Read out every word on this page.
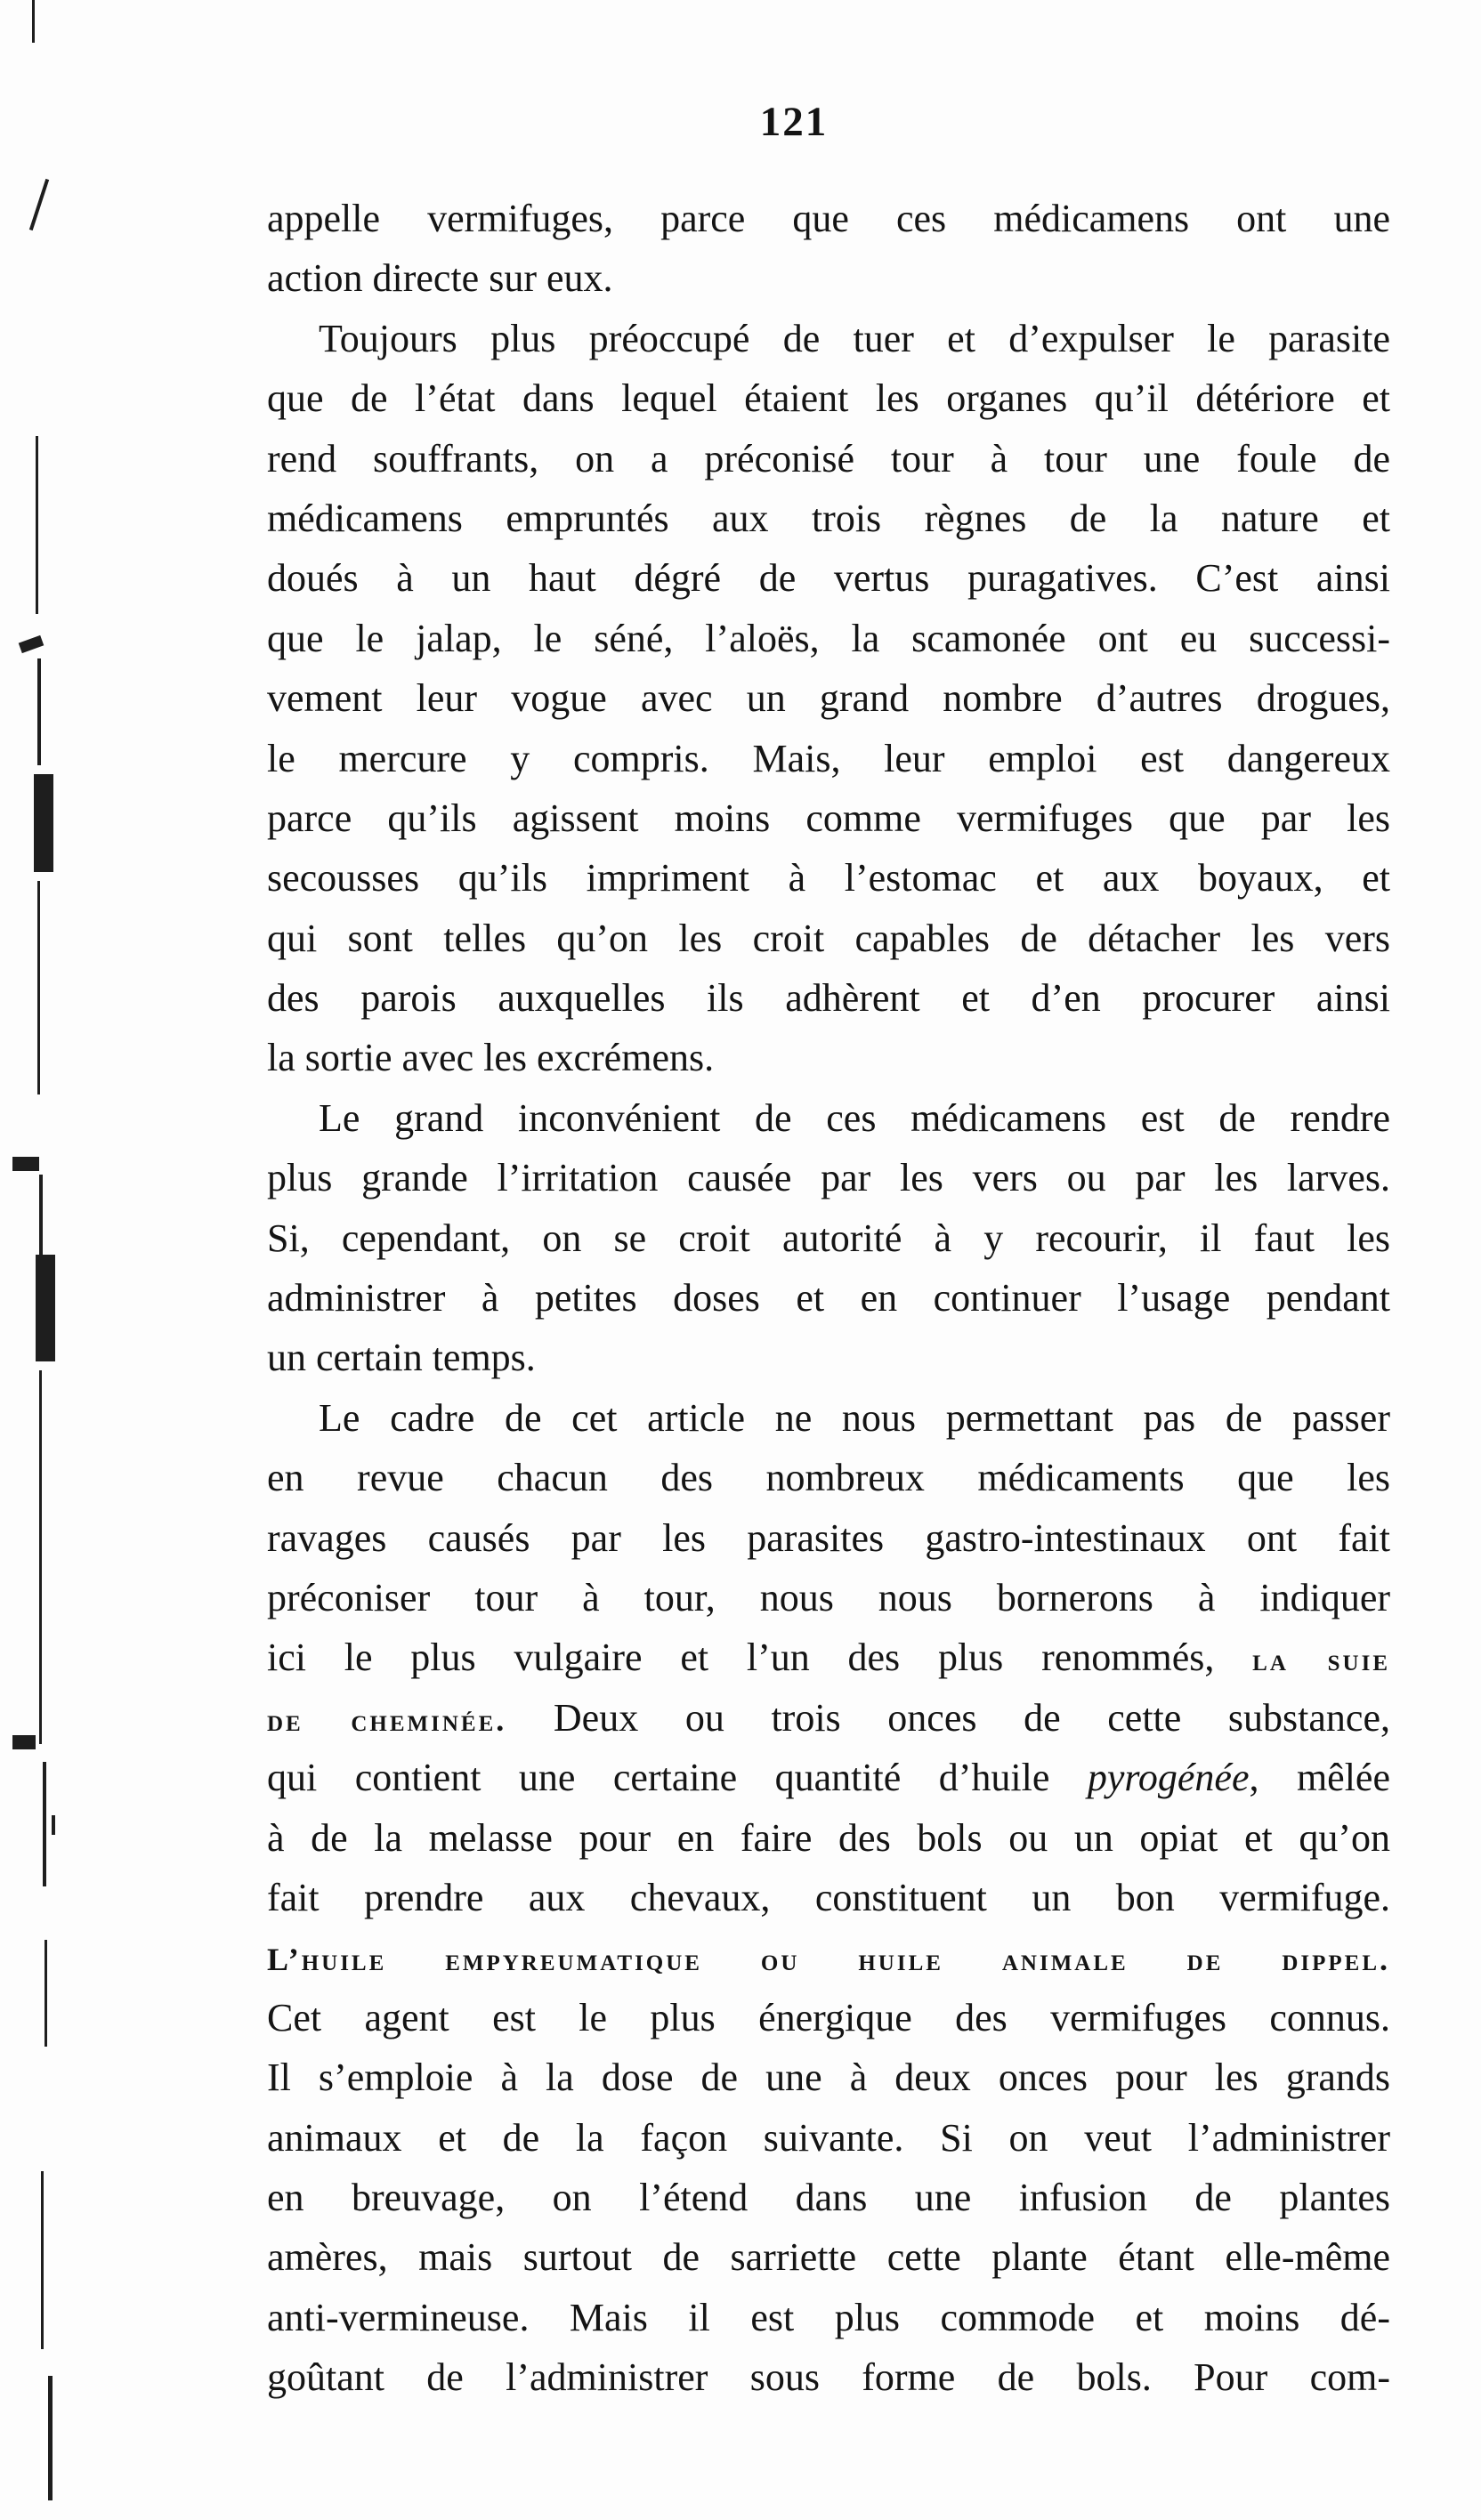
121
appelle vermifuges, parce que ces médicamens ont une
action directe sur eux.
Toujours plus préoccupé de tuer et d’expulser le parasite
que de l’état dans lequel étaient les organes qu’il détériore et
rend souffrants, on a préconisé tour à tour une foule de
médicamens empruntés aux trois règnes de la nature et
doués à un haut dégré de vertus puragatives. C’est ainsi
que le jalap, le séné, l’aloës, la scamonée ont eu successi-
vement leur vogue avec un grand nombre d’autres drogues,
le mercure y compris. Mais, leur emploi est dangereux
parce qu’ils agissent moins comme vermifuges que par les
secousses qu’ils impriment à l’estomac et aux boyaux, et
qui sont telles qu’on les croit capables de détacher les vers
des parois auxquelles ils adhèrent et d’en procurer ainsi
la sortie avec les excrémens.
Le grand inconvénient de ces médicamens est de rendre
plus grande l’irritation causée par les vers ou par les larves.
Si, cependant, on se croit autorité à y recourir, il faut les
administrer à petites doses et en continuer l’usage pendant
un certain temps.
Le cadre de cet article ne nous permettant pas de passer
en revue chacun des nombreux médicaments que les
ravages causés par les parasites gastro-intestinaux ont fait
préconiser tour à tour, nous nous bornerons à indiquer
ici le plus vulgaire et l’un des plus renommés, la suie
de cheminée. Deux ou trois onces de cette substance,
qui contient une certaine quantité d’huile pyrogénée, mêlée
à de la melasse pour en faire des bols ou un opiat et qu’on
fait prendre aux chevaux, constituent un bon vermifuge.
L’huile empyreumatique ou huile animale de dippel.
Cet agent est le plus énergique des vermifuges connus.
Il s’emploie à la dose de une à deux onces pour les grands
animaux et de la façon suivante. Si on veut l’administrer
en breuvage, on l’étend dans une infusion de plantes
amères, mais surtout de sarriette cette plante étant elle-même
anti-vermineuse. Mais il est plus commode et moins dé-
goûtant de l’administrer sous forme de bols. Pour com-
